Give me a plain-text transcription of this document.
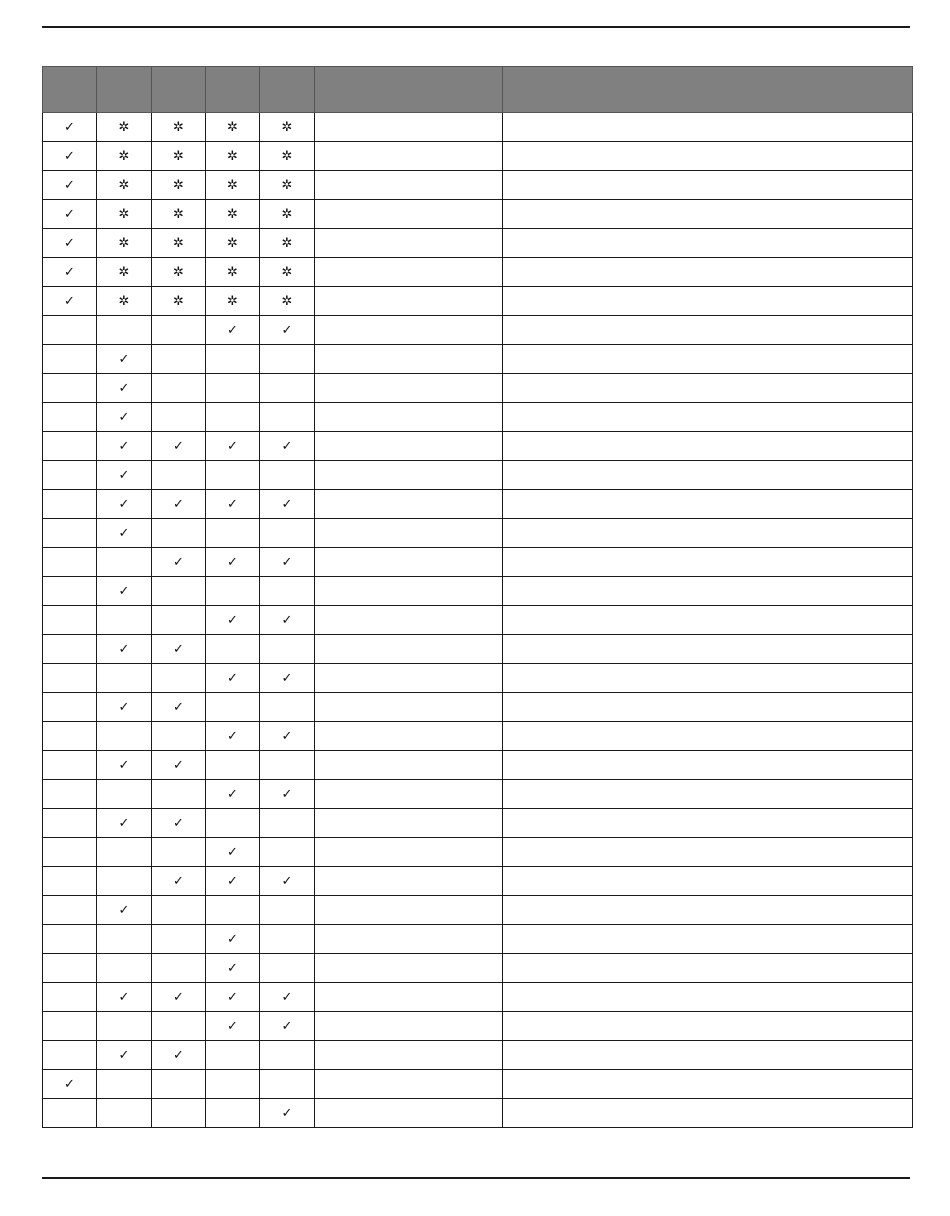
✓	✲	✲	✲	✲		
✓	✲	✲	✲	✲		
✓	✲	✲	✲	✲		
✓	✲	✲	✲	✲		
✓	✲	✲	✲	✲		
✓	✲	✲	✲	✲		
✓	✲	✲	✲	✲		
			✓	✓		
	✓					
	✓					
	✓					
	✓	✓	✓	✓		
	✓					
	✓	✓	✓	✓		
	✓					
		✓	✓	✓		
	✓					
			✓	✓		
	✓	✓				
			✓	✓		
	✓	✓				
			✓	✓		
	✓	✓				
			✓	✓		
	✓	✓				
			✓			
		✓	✓	✓		
	✓					
			✓			
			✓			
	✓	✓	✓	✓		
			✓	✓		
	✓	✓				
✓						
				✓		
